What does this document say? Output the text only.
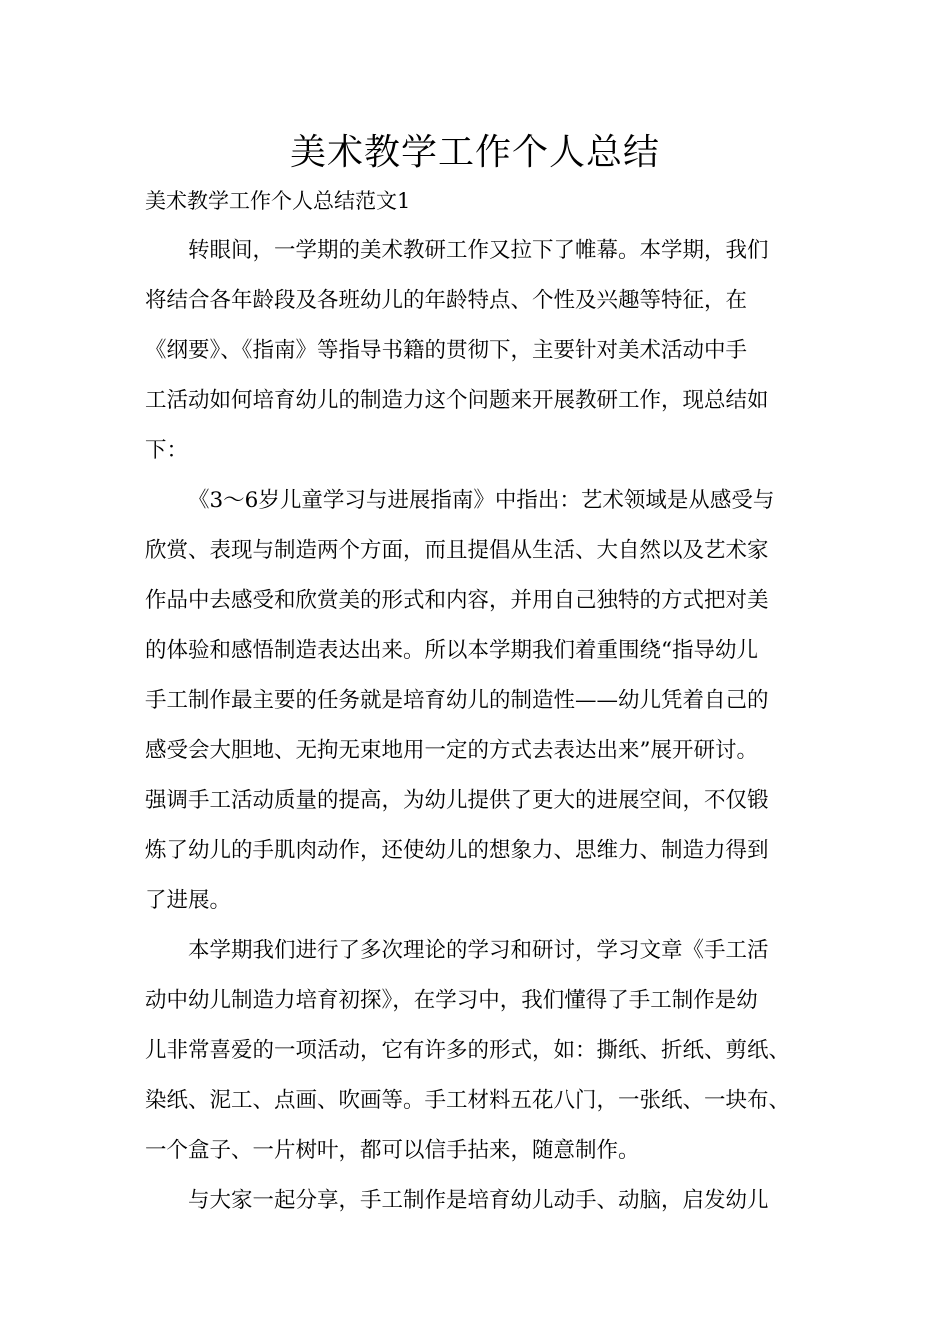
美术教学工作个人总结

美术教学工作个人总结范文1

转眼间，一学期的美术教研工作又拉下了帷幕。本学期，我们

将结合各年龄段及各班幼儿的年龄特点、个性及兴趣等特征，在

《纲要》、《指南》等指导书籍的贯彻下，主要针对美术活动中手

工活动如何培育幼儿的制造力这个问题来开展教研工作，现总结如

下：

《3～6岁儿童学习与进展指南》中指出：艺术领域是从感受与

欣赏、表现与制造两个方面，而且提倡从生活、大自然以及艺术家

作品中去感受和欣赏美的形式和内容，并用自己独特的方式把对美

的体验和感悟制造表达出来。所以本学期我们着重围绕“指导幼儿

手工制作最主要的任务就是培育幼儿的制造性——幼儿凭着自己的

感受会大胆地、无拘无束地用一定的方式去表达出来”展开研讨。

强调手工活动质量的提高，为幼儿提供了更大的进展空间，不仅锻

炼了幼儿的手肌肉动作，还使幼儿的想象力、思维力、制造力得到

了进展。

本学期我们进行了多次理论的学习和研讨，学习文章《手工活

动中幼儿制造力培育初探》，在学习中，我们懂得了手工制作是幼

儿非常喜爱的一项活动，它有许多的形式，如：撕纸、折纸、剪纸、

染纸、泥工、点画、吹画等。手工材料五花八门，一张纸、一块布、

一个盒子、一片树叶，都可以信手拈来，随意制作。

与大家一起分享，手工制作是培育幼儿动手、动脑，启发幼儿
